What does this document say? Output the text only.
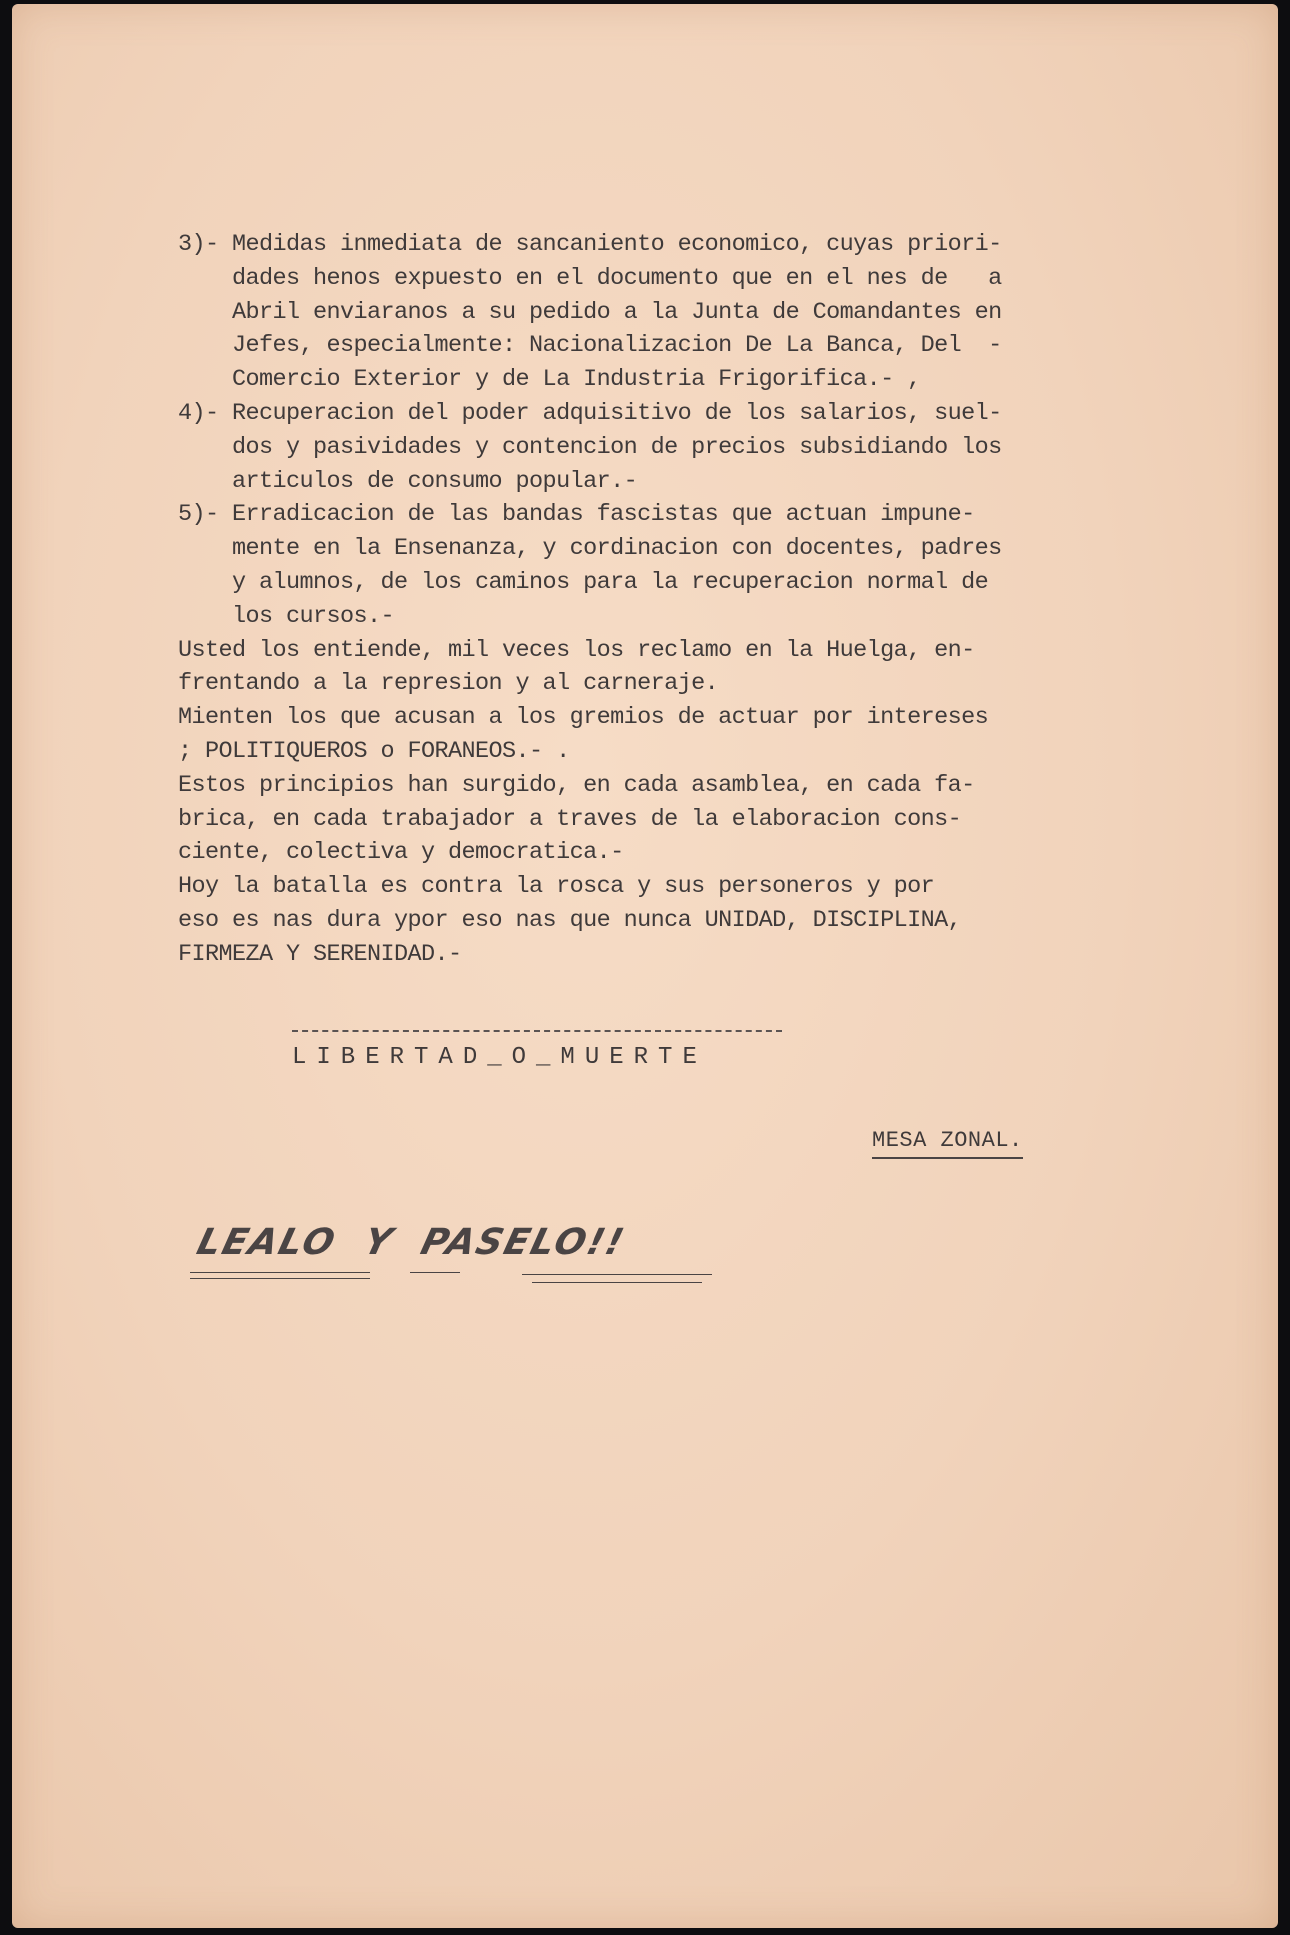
3)- Medidas inmediata de sancaniento economico, cuyas priori-

dades henos expuesto en el documento que en el nes de   a

Abril enviaranos a su pedido a la Junta de Comandantes en

Jefes, especialmente: Nacionalizacion De La Banca, Del  -

Comercio Exterior y de La Industria Frigorifica.- ,

4)- Recuperacion del poder adquisitivo de los salarios, suel-

dos y pasividades y contencion de precios subsidiando los

articulos de consumo popular.-

5)- Erradicacion de las bandas fascistas que actuan impune-

mente en la Ensenanza, y cordinacion con docentes, padres

y alumnos, de los caminos para la recuperacion normal de

los cursos.-

Usted los entiende, mil veces los reclamo en la Huelga, en-

frentando a la represion y al carneraje.

Mienten los que acusan a los gremios de actuar por intereses

; POLITIQUEROS o FORANEOS.- .

Estos principios han surgido, en cada asamblea, en cada fa-

brica, en cada trabajador a traves de la elaboracion cons-

ciente, colectiva y democratica.-

Hoy la batalla es contra la rosca y sus personeros y por

eso es nas dura ypor eso nas que nunca UNIDAD, DISCIPLINA,

FIRMEZA Y SERENIDAD.-

LIBERTAD_O_MUERTE

MESA ZONAL.

LEALO  Y  PASELO!!
